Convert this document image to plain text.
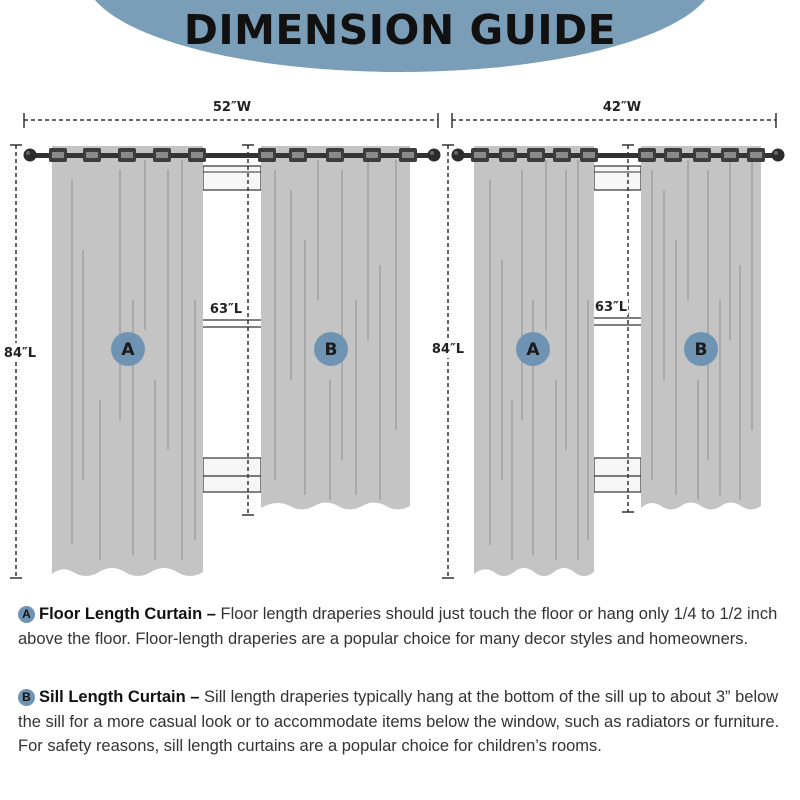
DIMENSION GUIDE
52″W
84″L
63″L
A	B
42″W
84″L
63″L
A	B

A Floor Length Curtain – Floor length draperies should just touch the floor or hang only 1/4 to 1/2 inch above the floor. Floor-length draperies are a popular choice for many decor styles and homeowners.

B Sill Length Curtain – Sill length draperies typically hang at the bottom of the sill up to about 3” below the sill for a more casual look or to accommodate items below the window, such as radiators or furniture. For safety reasons, sill length curtains are a popular choice for children’s rooms.
